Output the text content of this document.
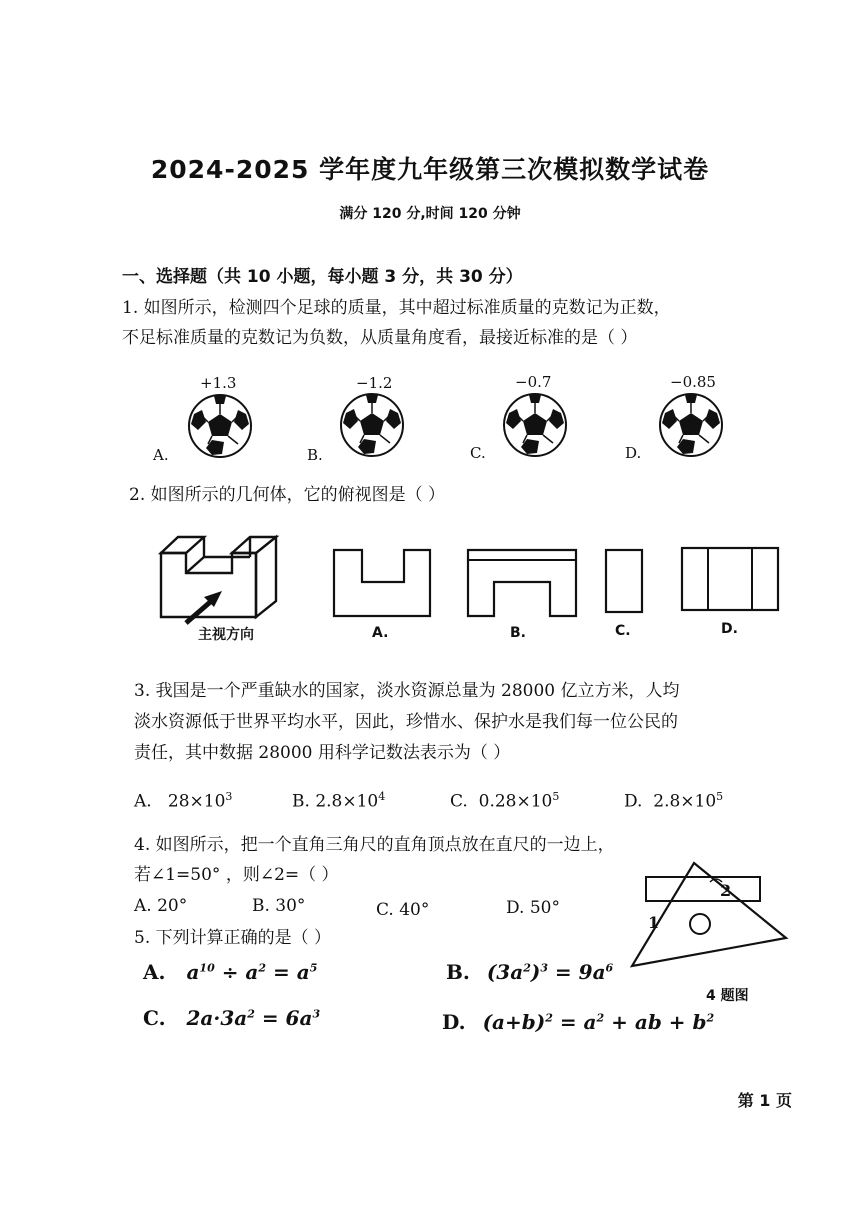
2024-2025 学年度九年级第三次模拟数学试卷
满分 120 分,时间 120 分钟
一、选择题（共 10 小题，每小题 3 分，共 30 分）
1. 如图所示，检测四个足球的质量，其中超过标准质量的克数记为正数，
不足标准质量的克数记为负数，从质量角度看，最接近标准的是（ ）
+1.3
A.
−1.2
B.
−0.7
C.
−0.85
D.
2. 如图所示的几何体，它的俯视图是（ ）
主视方向	A.	B.	C.	D.
3. 我国是一个严重缺水的国家，淡水资源总量为 28000 亿立方米，人均
淡水资源低于世界平均水平，因此，珍惜水、保护水是我们每一位公民的
责任，其中数据 28000 用科学记数法表示为（ ）
A. $28\times 10^3$	B. $2.8\times 10^4$	C. $0.28\times 10^5$	D. $2.8\times 10^5$
4. 如图所示，把一个直角三角尺的直角顶点放在直尺的一边上，
若∠1=50° ，则∠2=（ ）
A. 20°	B. 30°	C. 40°	D. 50°
1
2
4 题图
5. 下列计算正确的是（ ）
A. $a^{10} \div a^2 = a^5$	B. $(3a^2)^3 = 9a^6$
C. $2a\cdot 3a^2 = 6a^3$	D. $(a+b)^2 = a^2$ + ab + $b^2$
第 1 页
